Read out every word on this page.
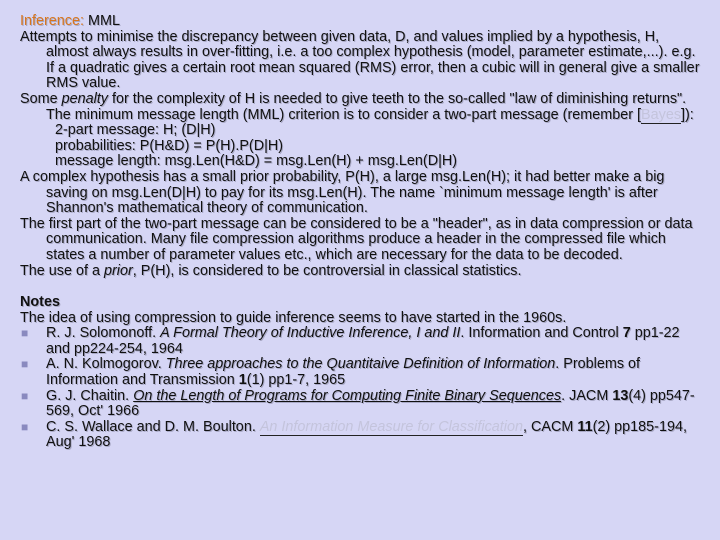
Inference: MML

Attempts to minimise the discrepancy between given data, D, and values implied by a hypothesis, H, almost always results in over-fitting, i.e. a too complex hypothesis (model, parameter estimate,...). e.g. If a quadratic gives a certain root mean squared (RMS) error, then a cubic will in general give a smaller RMS value.

Some penalty for the complexity of H is needed to give teeth to the so-called "law of diminishing returns". The minimum message length (MML) criterion is to consider a two-part message (remember [Bayes]):

2-part message: H; (D|H)

probabilities: P(H&D) = P(H).P(D|H)

message length: msg.Len(H&D) = msg.Len(H) + msg.Len(D|H)

A complex hypothesis has a small prior probability, P(H), a large msg.Len(H); it had better make a big saving on msg.Len(D|H) to pay for its msg.Len(H). The name `minimum message length' is after Shannon's mathematical theory of communication.

The first part of the two-part message can be considered to be a "header", as in data compression or data communication. Many file compression algorithms produce a header in the compressed file which states a number of parameter values etc., which are necessary for the data to be decoded.

The use of a prior, P(H), is considered to be controversial in classical statistics.

Notes

The idea of using compression to guide inference seems to have started in the 1960s.

■ R. J. Solomonoff. A Formal Theory of Inductive Inference, I and II. Information and Control 7 pp1-22 and pp224-254, 1964

■ A. N. Kolmogorov. Three approaches to the Quantitaive Definition of Information. Problems of Information and Transmission 1(1) pp1-7, 1965

■ G. J. Chaitin. On the Length of Programs for Computing Finite Binary Sequences. JACM 13(4) pp547-569, Oct' 1966

■ C. S. Wallace and D. M. Boulton. An Information Measure for Classification, CACM 11(2) pp185-194, Aug' 1968
